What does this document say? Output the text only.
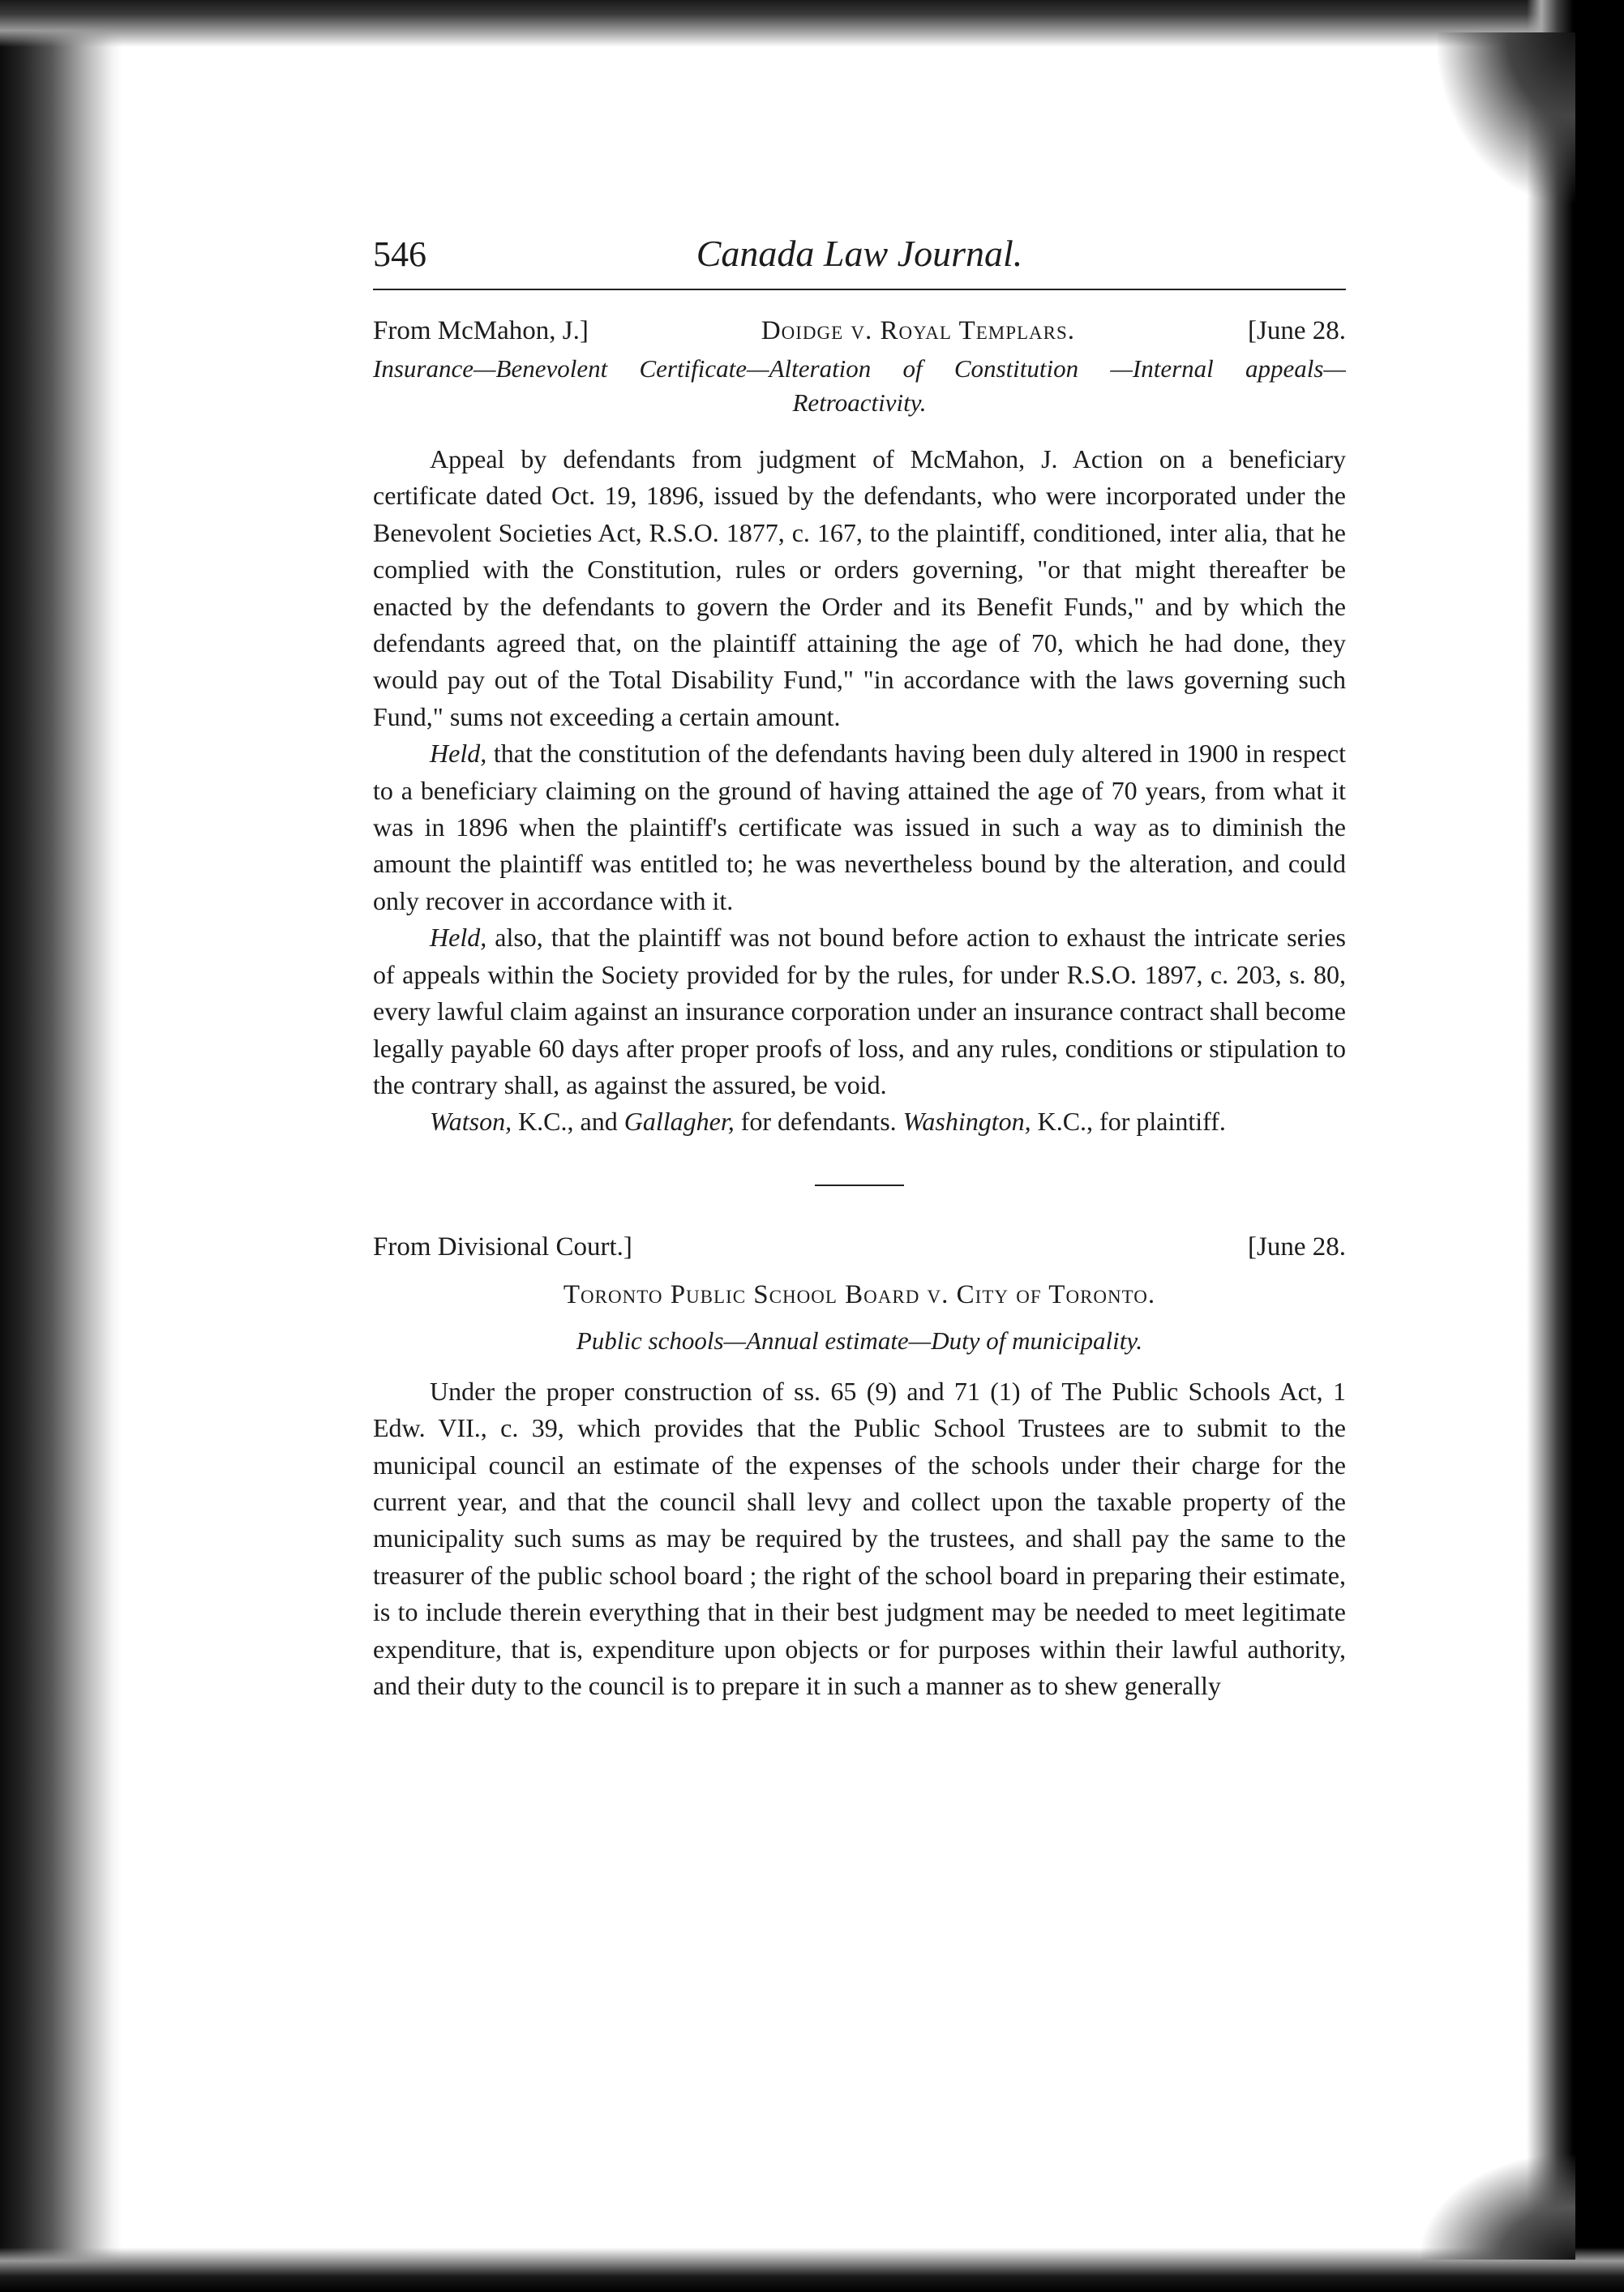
546	Canada Law Journal.
From McMahon, J.]	Doidge v. Royal Templars.	[June 28.
Insurance—Benevolent Certificate—Alteration of Constitution —Internal appeals—Retroactivity.

Appeal by defendants from judgment of McMahon, J. Action on a beneficiary certificate dated Oct. 19, 1896, issued by the defendants, who were incorporated under the Benevolent Societies Act, R.S.O. 1877, c. 167, to the plaintiff, conditioned, inter alia, that he complied with the Constitution, rules or orders governing, "or that might thereafter be enacted by the defendants to govern the Order and its Benefit Funds," and by which the defendants agreed that, on the plaintiff attaining the age of 70, which he had done, they would pay out of the Total Disability Fund," "in accordance with the laws governing such Fund," sums not exceeding a certain amount.

Held, that the constitution of the defendants having been duly altered in 1900 in respect to a beneficiary claiming on the ground of having attained the age of 70 years, from what it was in 1896 when the plaintiff's certificate was issued in such a way as to diminish the amount the plaintiff was entitled to; he was nevertheless bound by the alteration, and could only recover in accordance with it.

Held, also, that the plaintiff was not bound before action to exhaust the intricate series of appeals within the Society provided for by the rules, for under R.S.O. 1897, c. 203, s. 80, every lawful claim against an insurance corporation under an insurance contract shall become legally payable 60 days after proper proofs of loss, and any rules, conditions or stipulation to the contrary shall, as against the assured, be void.

Watson, K.C., and Gallagher, for defendants. Washington, K.C., for plaintiff.

From Divisional Court.]	[June 28.
Toronto Public School Board v. City of Toronto.
Public schools—Annual estimate—Duty of municipality.

Under the proper construction of ss. 65 (9) and 71 (1) of The Public Schools Act, 1 Edw. VII., c. 39, which provides that the Public School Trustees are to submit to the municipal council an estimate of the expenses of the schools under their charge for the current year, and that the council shall levy and collect upon the taxable property of the municipality such sums as may be required by the trustees, and shall pay the same to the treasurer of the public school board ; the right of the school board in preparing their estimate, is to include therein everything that in their best judgment may be needed to meet legitimate expenditure, that is, expenditure upon objects or for purposes within their lawful authority, and their duty to the council is to prepare it in such a manner as to shew generally
